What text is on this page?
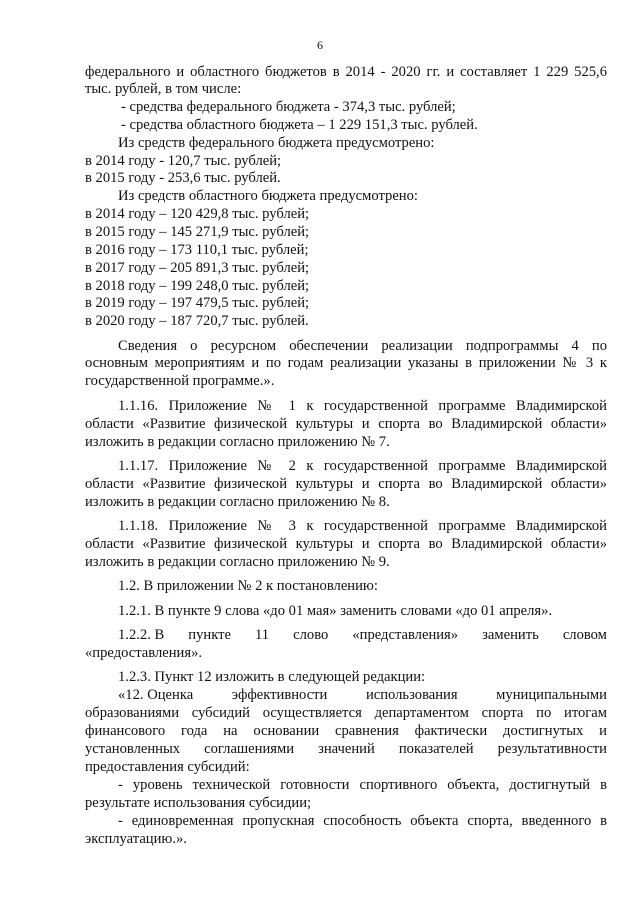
6
федерального и областного бюджетов в 2014 - 2020 гг. и составляет 1 229 525,6
тыс. рублей, в том числе:
- средства федерального бюджета - 374,3 тыс. рублей;
- средства областного бюджета – 1 229 151,3 тыс. рублей.
Из средств федерального бюджета предусмотрено:
в 2014 году - 120,7 тыс. рублей;
в 2015 году - 253,6 тыс. рублей.
Из средств областного бюджета предусмотрено:
в 2014 году – 120 429,8 тыс. рублей;
в 2015 году – 145 271,9 тыс. рублей;
в 2016 году – 173 110,1 тыс. рублей;
в 2017 году – 205 891,3 тыс. рублей;
в 2018 году – 199 248,0 тыс. рублей;
в 2019 году – 197 479,5 тыс. рублей;
в 2020 году – 187 720,7 тыс. рублей.
Сведения о ресурсном обеспечении реализации подпрограммы 4 по
основным мероприятиям и по годам реализации указаны в приложении № 3 к
государственной программе.».
1.1.16. Приложение № 1 к государственной программе Владимирской
области «Развитие физической культуры и спорта во Владимирской области»
изложить в редакции согласно приложению № 7.
1.1.17. Приложение № 2 к государственной программе Владимирской
области «Развитие физической культуры и спорта во Владимирской области»
изложить в редакции согласно приложению № 8.
1.1.18. Приложение № 3 к государственной программе Владимирской
области «Развитие физической культуры и спорта во Владимирской области»
изложить в редакции согласно приложению № 9.
1.2. В приложении № 2 к постановлению:
1.2.1. В пункте 9 слова «до 01 мая» заменить словами «до 01 апреля».
1.2.2. В пункте 11 слово «представления» заменить словом
«предоставления».
1.2.3. Пункт 12 изложить в следующей редакции:
«12. Оценка	эффективности	использования	муниципальными
образованиями субсидий осуществляется департаментом спорта по итогам
финансового года на основании сравнения фактически достигнутых и
установленных соглашениями значений показателей результативности
предоставления субсидий:
- уровень технической готовности спортивного объекта, достигнутый в
результате использования субсидии;
- единовременная пропускная способность объекта спорта, введенного в
эксплуатацию.».
